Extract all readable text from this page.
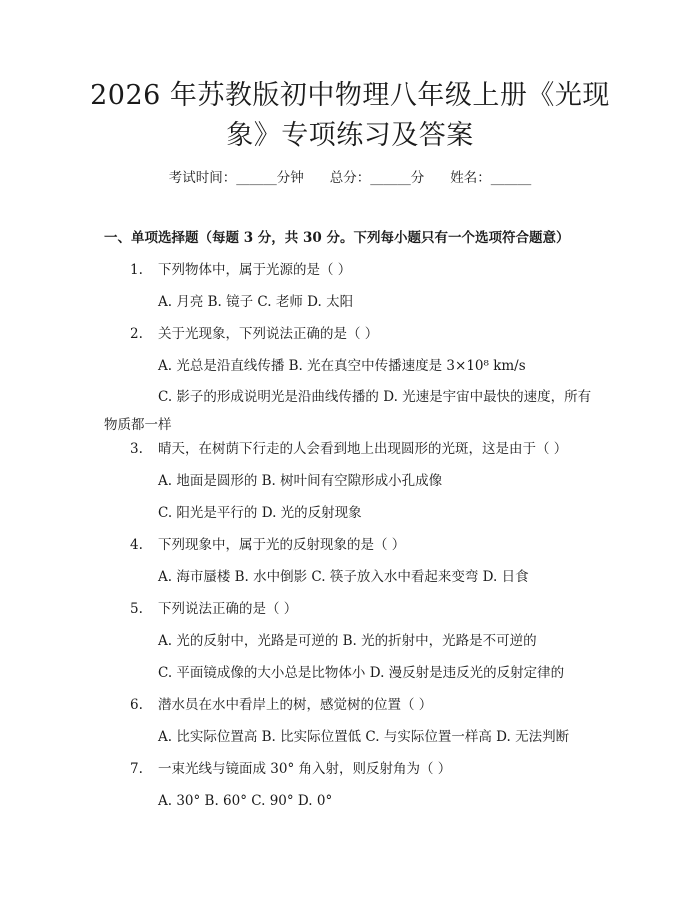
2026 年苏教版初中物理八年级上册《光现
象》专项练习及答案
考试时间：______分钟 总分：______分 姓名：______
一、单项选择题（每题 3 分，共 30 分。下列每小题只有一个选项符合题意）
1. 下列物体中，属于光源的是（ ）
A. 月亮 B. 镜子 C. 老师 D. 太阳
2. 关于光现象，下列说法正确的是（ ）
A. 光总是沿直线传播 B. 光在真空中传播速度是 3×10⁸ km/s
C. 影子的形成说明光是沿曲线传播的 D. 光速是宇宙中最快的速度，所有物质都一样
3. 晴天，在树荫下行走的人会看到地上出现圆形的光斑，这是由于（ ）
A. 地面是圆形的 B. 树叶间有空隙形成小孔成像
C. 阳光是平行的 D. 光的反射现象
4. 下列现象中，属于光的反射现象的是（ ）
A. 海市蜃楼 B. 水中倒影 C. 筷子放入水中看起来变弯 D. 日食
5. 下列说法正确的是（ ）
A. 光的反射中，光路是可逆的 B. 光的折射中，光路是不可逆的
C. 平面镜成像的大小总是比物体小 D. 漫反射是违反光的反射定律的
6. 潜水员在水中看岸上的树，感觉树的位置（ ）
A. 比实际位置高 B. 比实际位置低 C. 与实际位置一样高 D. 无法判断
7. 一束光线与镜面成 30° 角入射，则反射角为（ ）
A. 30° B. 60° C. 90° D. 0°
